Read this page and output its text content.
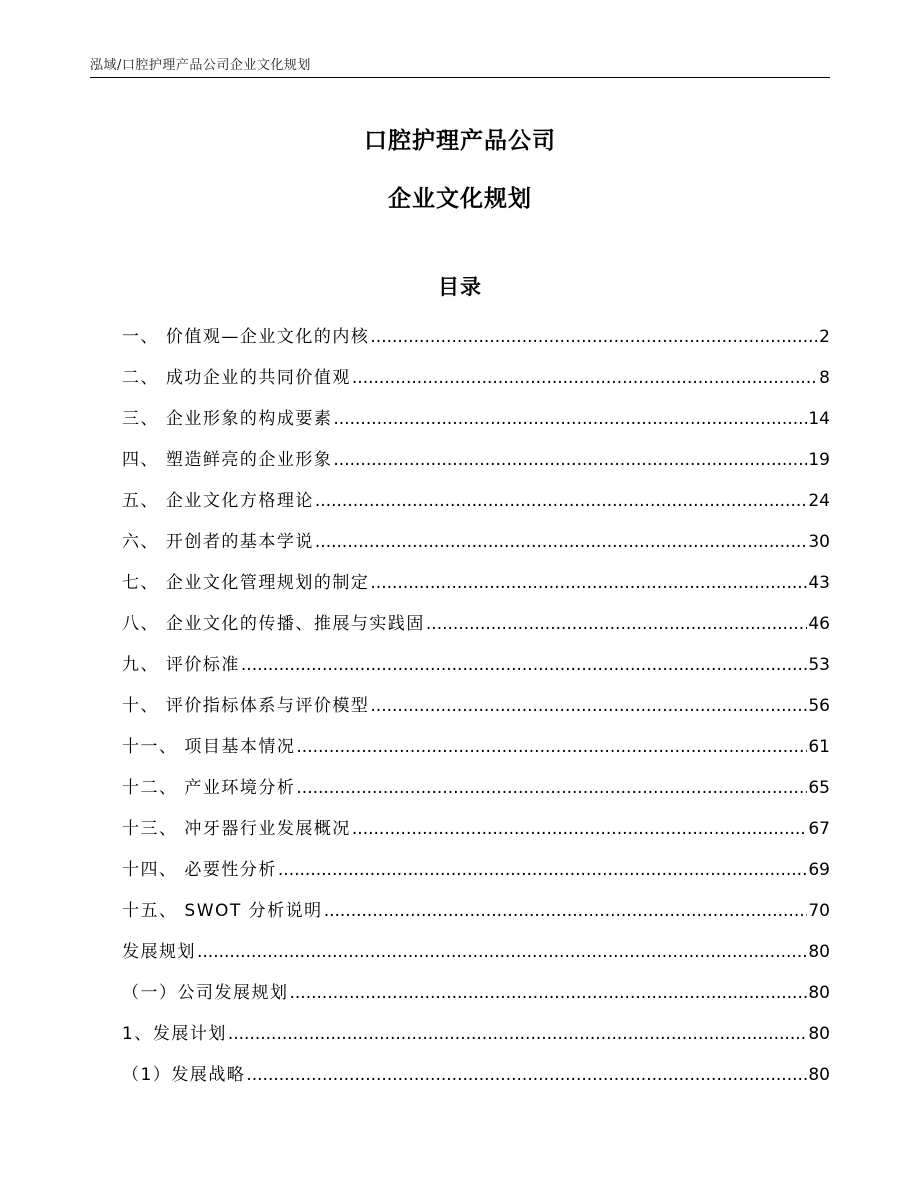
泓域/口腔护理产品公司企业文化规划
口腔护理产品公司
企业文化规划
目录
一、 价值观—企业文化的内核 .....	2
二、 成功企业的共同价值观 .....	8
三、 企业形象的构成要素 .....	14
四、 塑造鲜亮的企业形象 .....	19
五、 企业文化方格理论 .....	24
六、 开创者的基本学说 .....	30
七、 企业文化管理规划的制定 .....	43
八、 企业文化的传播、推展与实践固 .....	46
九、 评价标准 .....	53
十、 评价指标体系与评价模型 .....	56
十一、 项目基本情况 .....	61
十二、 产业环境分析 .....	65
十三、 冲牙器行业发展概况 .....	67
十四、 必要性分析 .....	69
十五、 SWOT 分析说明 .....	70
发展规划 .....	80
（一）公司发展规划 .....	80
1、发展计划 .....	80
（1）发展战略 .....	80
